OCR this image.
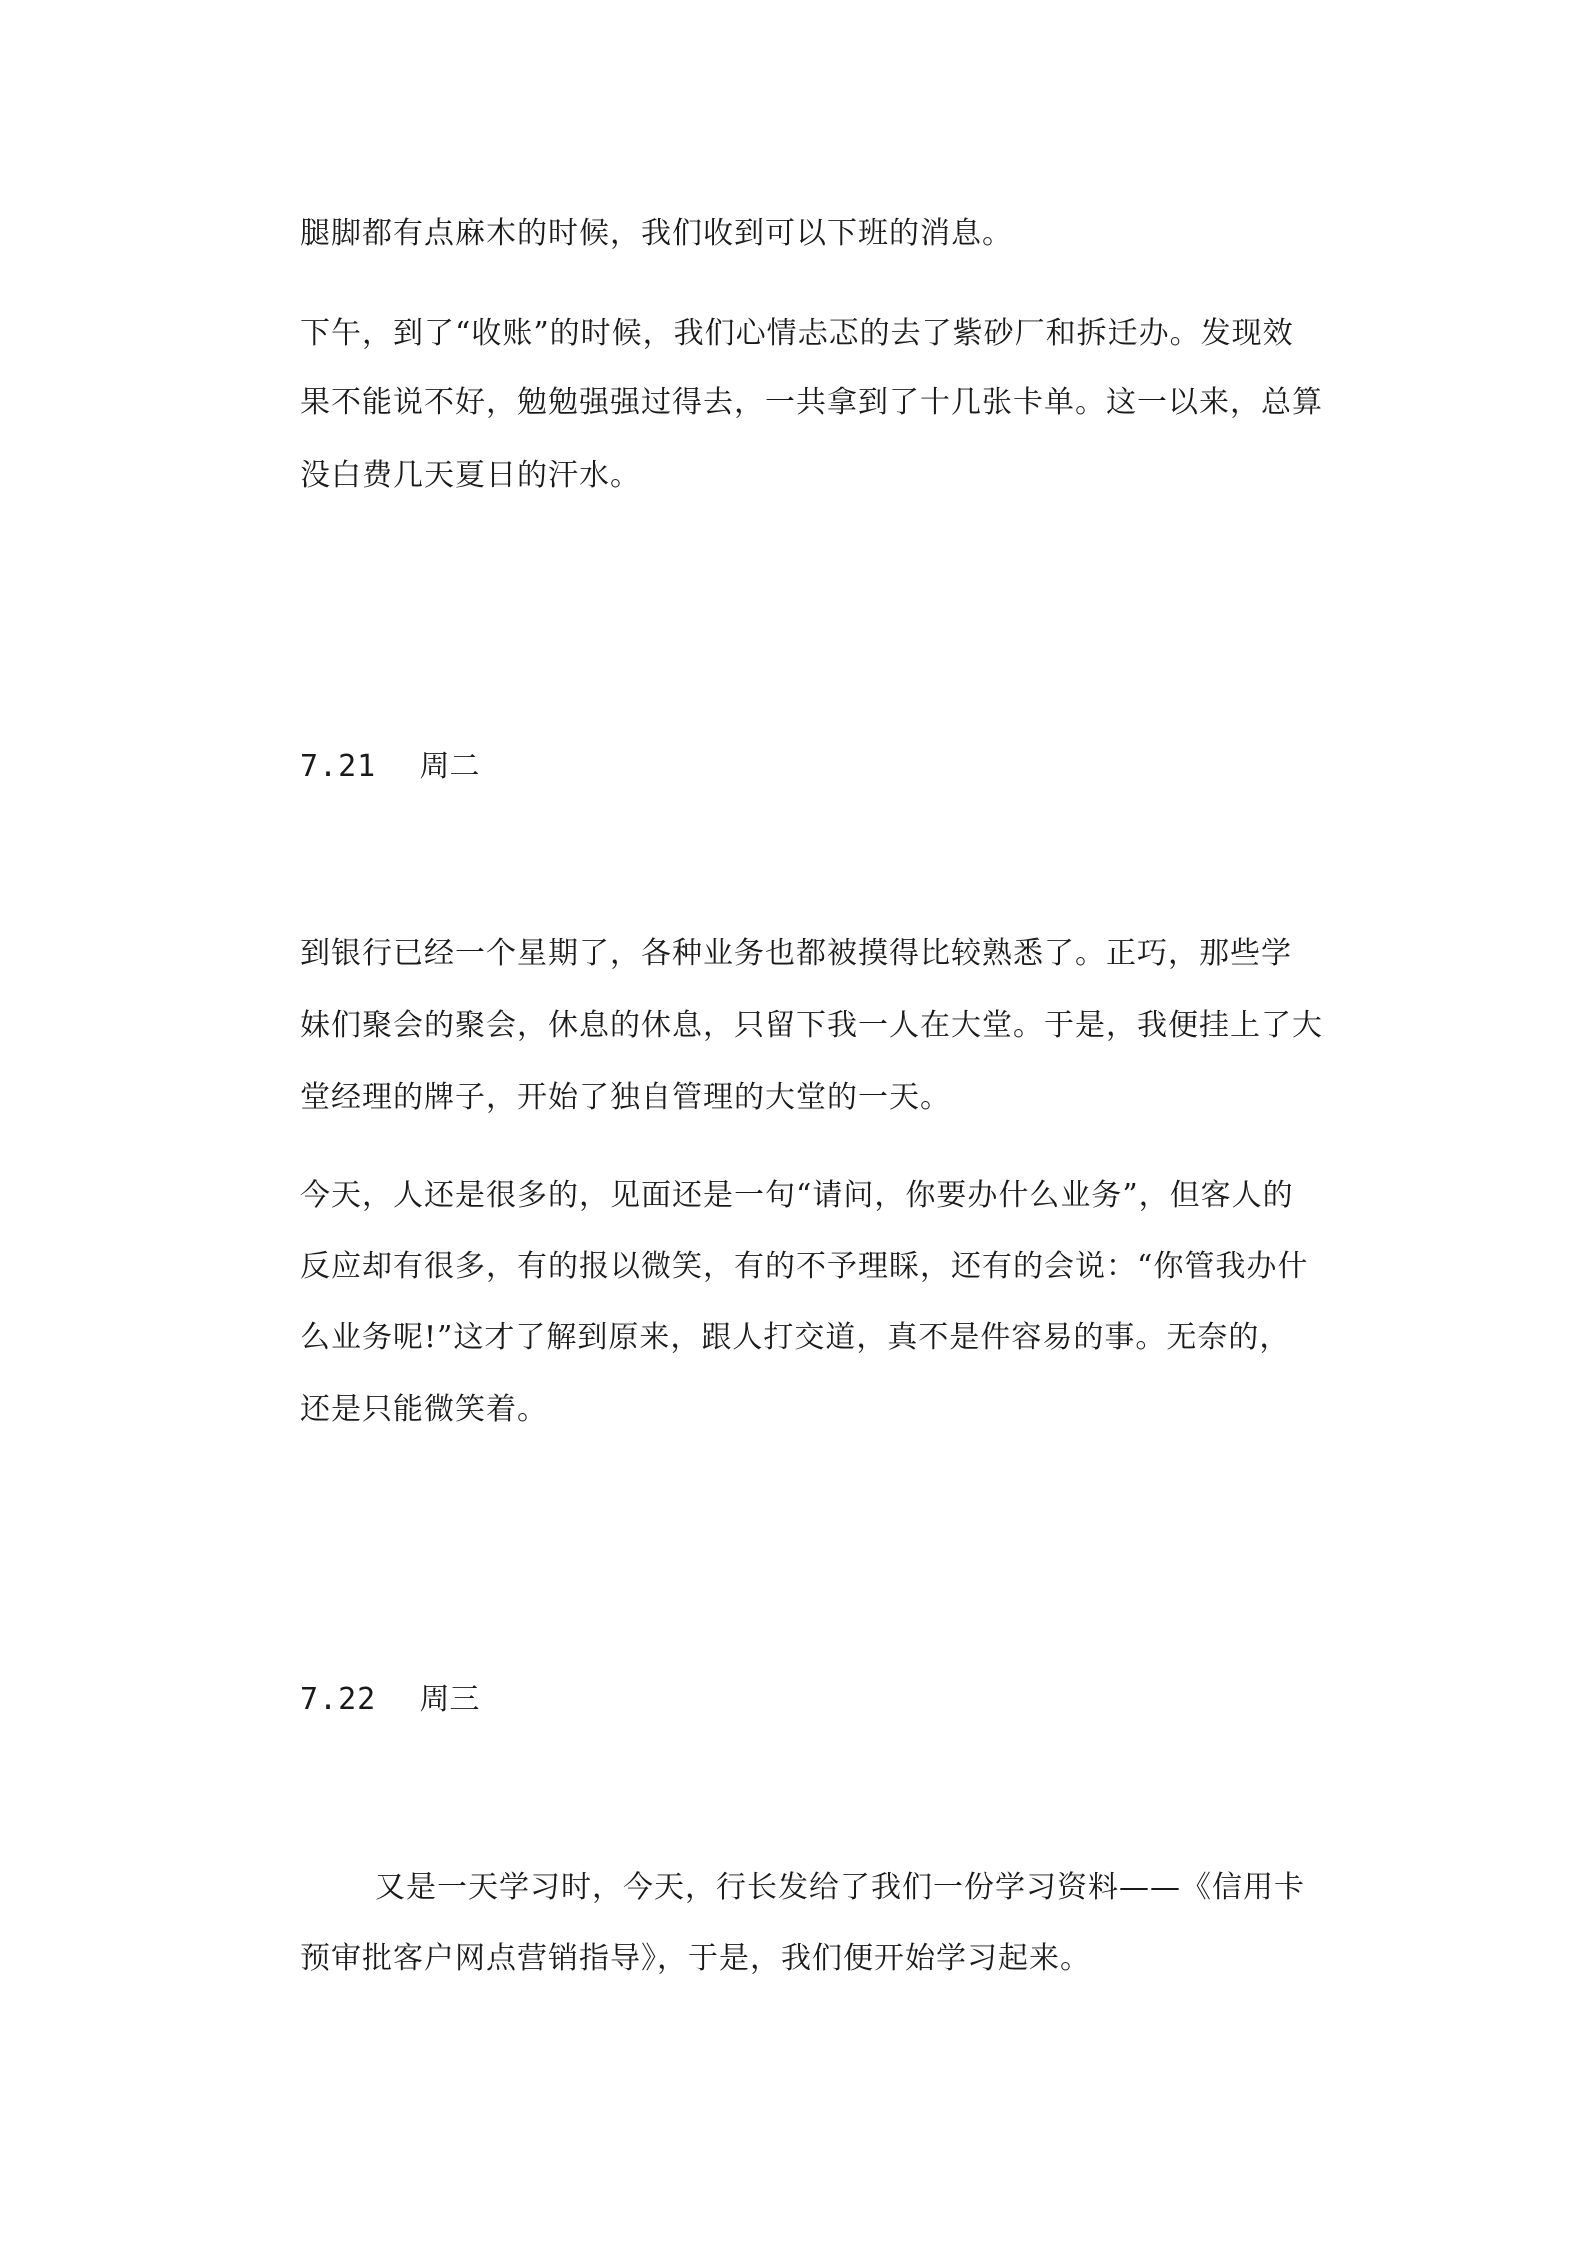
腿脚都有点麻木的时候，我们收到可以下班的消息。
下午，到了“收账”的时候，我们心情忐忑的去了紫砂厂和拆迁办。发现效
果不能说不好，勉勉强强过得去，一共拿到了十几张卡单。这一以来，总算
没白费几天夏日的汗水。
7.21 周二
到银行已经一个星期了，各种业务也都被摸得比较熟悉了。正巧，那些学
妹们聚会的聚会，休息的休息，只留下我一人在大堂。于是，我便挂上了大
堂经理的牌子，开始了独自管理的大堂的一天。
今天，人还是很多的，见面还是一句“请问，你要办什么业务”，但客人的
反应却有很多，有的报以微笑，有的不予理睬，还有的会说：“你管我办什
么业务呢!”这才了解到原来，跟人打交道，真不是件容易的事。无奈的，
还是只能微笑着。
7.22 周三
又是一天学习时，今天，行长发给了我们一份学习资料——《信用卡
预审批客户网点营销指导》，于是，我们便开始学习起来。
